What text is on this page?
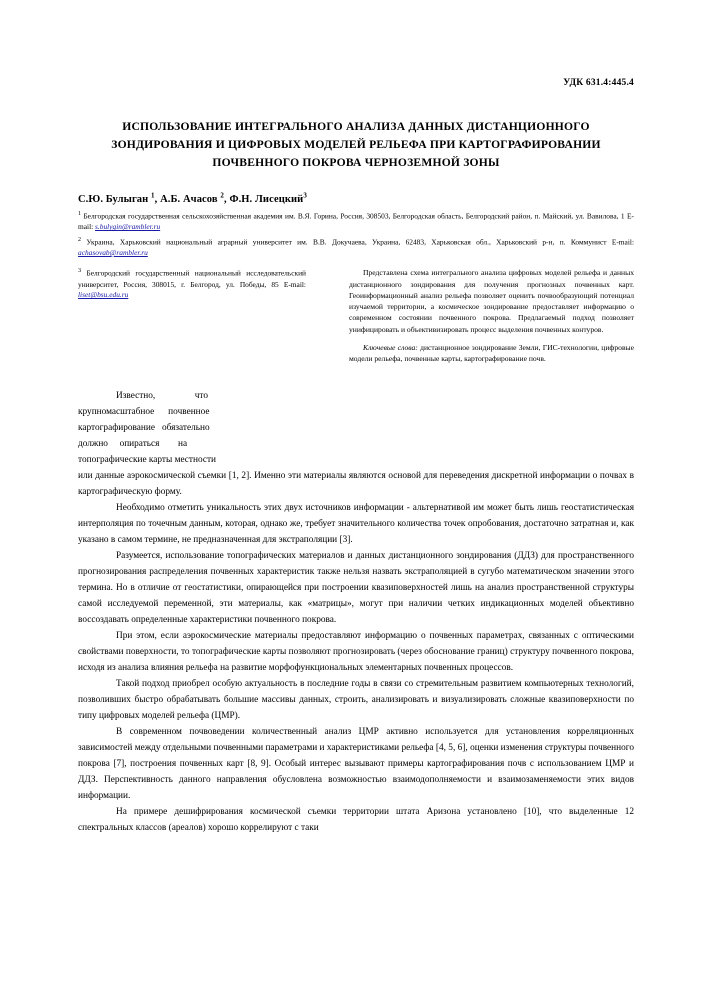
УДК 631.4:445.4
ИСПОЛЬЗОВАНИЕ ИНТЕГРАЛЬНОГО АНАЛИЗА ДАННЫХ ДИСТАНЦИОННОГО ЗОНДИРОВАНИЯ И ЦИФРОВЫХ МОДЕЛЕЙ РЕЛЬЕФА ПРИ КАРТОГРАФИРОВАНИИ ПОЧВЕННОГО ПОКРОВА ЧЕРНОЗЕМНОЙ ЗОНЫ
С.Ю. Булыган $^1$, А.Б. Ачасов $^2$, Ф.Н. Лисецкий$^3$
$^1$ Белгородская государственная сельскохозяйственная академия им. В.Я. Горина, Россия, 308503, Белгородская область, Белгородский район, п. Майский, ул. Вавилова, 1 E-mail: s.bulygin@rambler.ru
$^2$ Украина, Харьковский национальный аграрный университет им. В.В. Докучаева, Украина, 62483, Харьковская обл., Харьковский р-н, п. Коммунист E-mail: achasovab@rambler.ru
$^3$ Белгородский государственный национальный исследовательский университет, Россия, 308015, г. Белгород, ул. Победы, 85 E-mail: liset@bsu.edu.ru

Представлена схема интегрального анализа цифровых моделей рельефа и данных дистанционного зондирования для получения прогнозных почвенных карт. Геоинформационный анализ рельефа позволяет оценить почвообразующий потенциал изучаемой территории, а космическое зондирование предоставляет информацию о современном состоянии почвенного покрова. Предлагаемый подход позволяет унифицировать и объективизировать процесс выделения почвенных контуров.

Ключевые слова: дистанционное зондирование Земли, ГИС-технологии, цифровые модели рельефа, почвенные карты, картографирование почв.

Известно,                 что
крупномасштабное      почвенное
картографирование   обязательно
должно     опираться        на
топографические карты местности

или данные аэрокосмической съемки [1, 2]. Именно эти материалы являются основой для переведения дискретной информации о почвах в картографическую форму.

Необходимо отметить уникальность этих двух источников информации - альтернативой им может быть лишь геостатистическая интерполяция по точечным данным, которая, однако же, требует значительного количества точек опробования, достаточно затратная и, как указано в самом термине, не предназначенная для экстраполяции [3].

Разумеется, использование топографических материалов и данных дистанционного зондирования (ДДЗ) для пространственного прогнозирования распределения почвенных характеристик также нельзя назвать экстраполяцией в сугубо математическом значении этого термина. Но в отличие от геостатистики, опирающейся при построении квазиповерхностей лишь на анализ пространственной структуры самой исследуемой переменной, эти материалы, как «матрицы», могут при наличии четких индикационных моделей объективно воссоздавать определенные характеристики почвенного покрова.

При этом, если аэрокосмические материалы предоставляют информацию о почвенных параметрах, связанных с оптическими свойствами поверхности, то топографические карты позволяют прогнозировать (через обоснование границ) структуру почвенного покрова, исходя из анализа влияния рельефа на развитие морфофункциональных элементарных почвенных процессов.

Такой подход приобрел особую актуальность в последние годы в связи со стремительным развитием компьютерных технологий, позволивших быстро обрабатывать большие массивы данных, строить, анализировать и визуализировать сложные квазиповерхности по типу цифровых моделей рельефа (ЦМР).

В современном почвоведении количественный анализ ЦМР активно используется для установления корреляционных зависимостей между отдельными почвенными параметрами и характеристиками рельефа [4, 5, 6], оценки изменения структуры почвенного покрова [7], построения почвенных карт [8, 9]. Особый интерес вызывают примеры картографирования почв с использованием ЦМР и ДДЗ. Перспективность данного направления обусловлена возможностью взаимодополняемости и взаимозаменяемости этих видов информации.

На примере дешифрирования космической съемки территории штата Аризона установлено [10], что выделенные 12 спектральных классов (ареалов) хорошо коррелируют с таки
